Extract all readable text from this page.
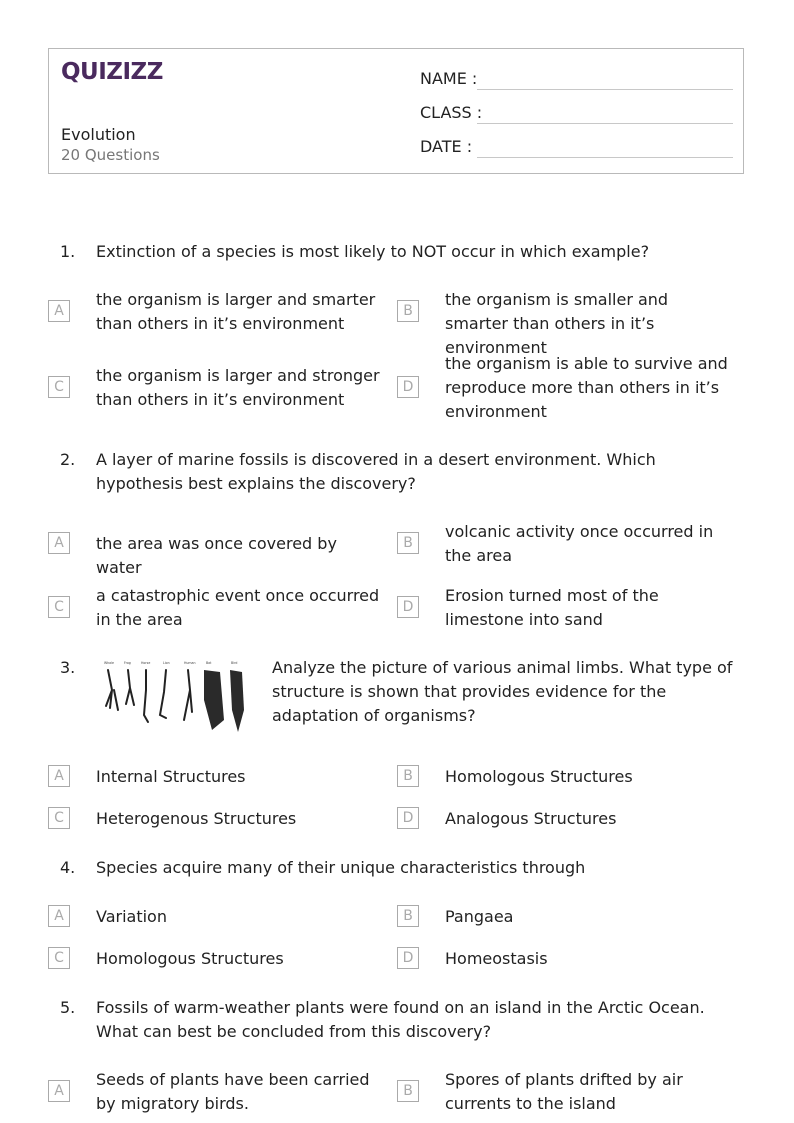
QUIZIZZ
Evolution
20 Questions
NAME :
CLASS :
DATE :
1.	Extinction of a species is most likely to NOT occur in which example?
A
the organism is larger and smarter than others in it’s environment
B
the organism is smaller and smarter than others in it’s environment
C
the organism is larger and stronger than others in it’s environment
D
the organism is able to survive and reproduce more than others in it’s environment
2.	A layer of marine fossils is discovered in a desert environment. Which hypothesis best explains the discovery?
A	the area was once covered by water
B
volcanic activity once occurred in the area
C
a catastrophic event once occurred in the area
D
Erosion turned most of the limestone into sand
3.	Analyze the picture of various animal limbs. What type of structure is shown that provides evidence for the adaptation of organisms?
Whale	Frog	Horse	Lion	Human	Bat	Bird
A	Internal Structures	B	Homologous Structures
C	Heterogenous Structures	D	Analogous Structures
4.	Species acquire many of their unique characteristics through
A	Variation	B	Pangaea
C	Homologous Structures	D	Homeostasis
5.	Fossils of warm-weather plants were found on an island in the Arctic Ocean. What can best be concluded from this discovery?
A
Seeds of plants have been carried by migratory birds.
B
Spores of plants drifted by air currents to the island
